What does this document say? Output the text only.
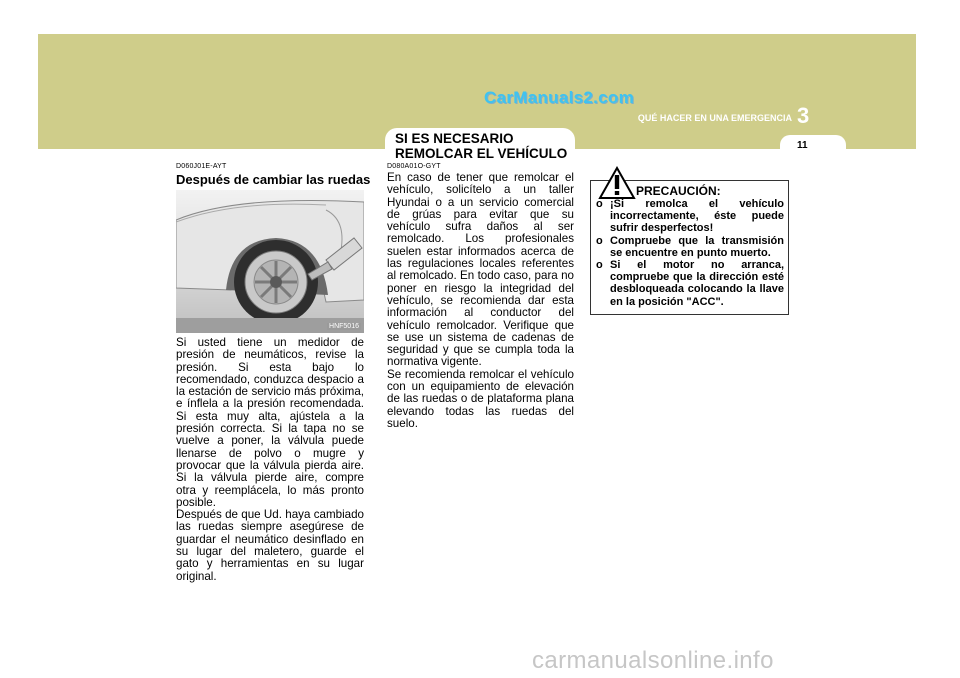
CarManuals2.com
QUÉ HACER EN UNA EMERGENCIA 3
11
SI ES NECESARIO
REMOLCAR EL VEHÍCULO
D060J01E-AYT
Después de cambiar las ruedas
HNF5016
Si usted tiene un medidor de presión de neumáticos, revise la presión. Si esta bajo lo recomendado, conduzca despacio a la estación de servicio más próxima, e ínflela a la presión recomendada. Si esta muy alta, ajústela a la presión correcta. Si la tapa no se vuelve a poner, la válvula puede llenarse de polvo o mugre y provocar que la válvula pierda aire. Si la válvula pierde aire, compre otra y reemplácela, lo más pronto posible.
Después de que Ud. haya cambiado las ruedas siempre asegúrese de guardar el neumático desinflado en su lugar del maletero, guarde el gato y herramientas en su lugar original.
D080A01O-GYT
En caso de tener que remolcar el vehículo, solicítelo a un taller Hyundai o a un servicio comercial de grúas para evitar que su vehículo sufra daños al ser remolcado. Los profesionales suelen estar informados acerca de las regulaciones locales referentes al remolcado. En todo caso, para no poner en riesgo la integridad del vehículo, se recomienda dar esta información al conductor del vehículo remolcador. Verifique que se use un sistema de cadenas de seguridad y que se cumpla toda la normativa vigente.
Se recomienda remolcar el vehículo con un equipamiento de elevación de las ruedas o de plataforma plana elevando todas las ruedas del suelo.
PRECAUCIÓN:
o ¡Si remolca el vehículo incorrectamente, éste puede sufrir desperfectos!
o Compruebe que la transmisión se encuentre en punto muerto.
o Si el motor no arranca, compruebe que la dirección esté desbloqueada colocando la llave en la posición "ACC".
carmanualsonline.info
